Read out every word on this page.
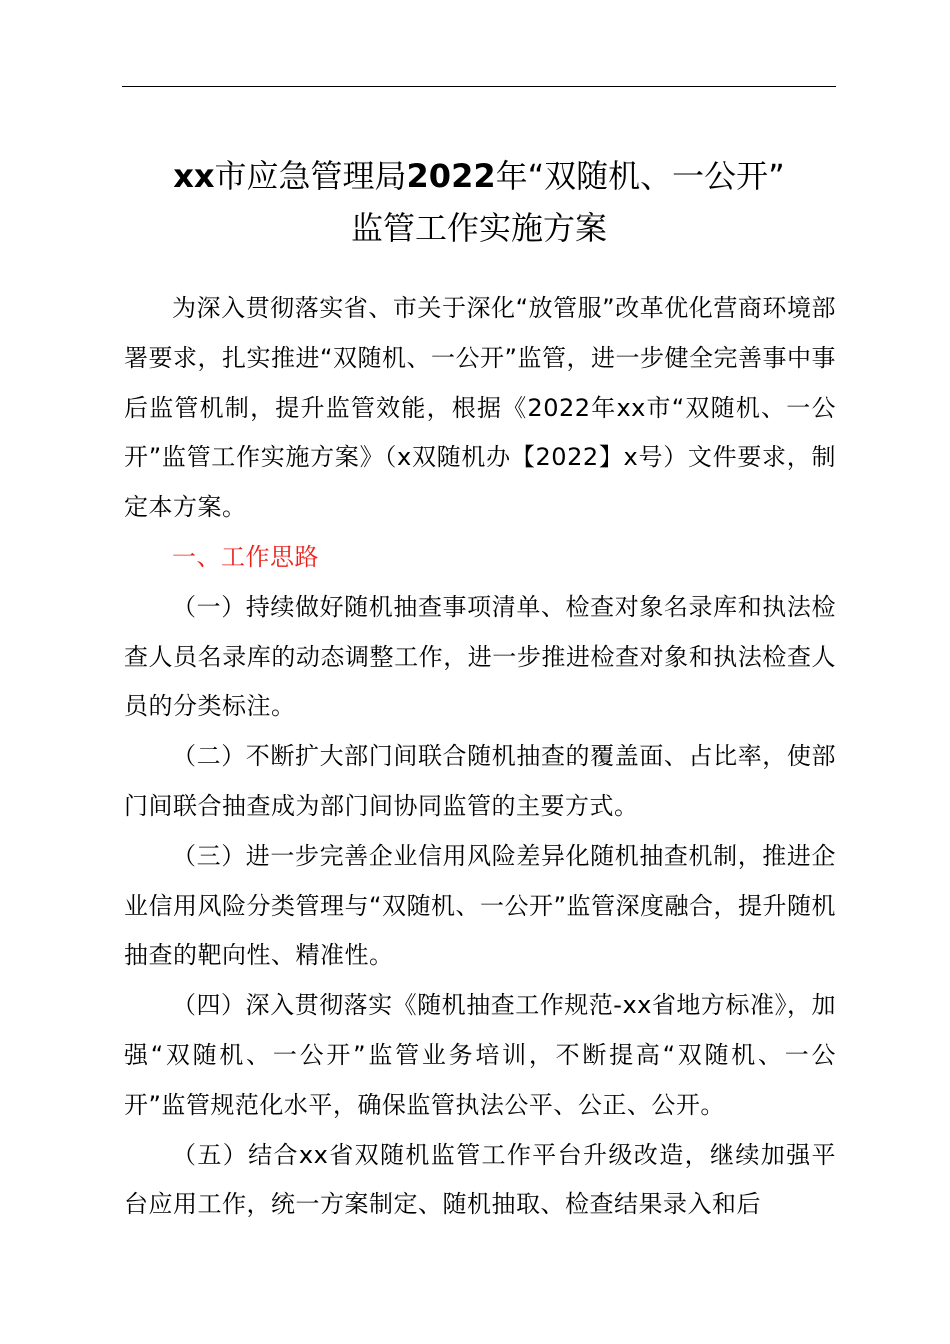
xx市应急管理局2022年“双随机、一公开”
监管工作实施方案

为深入贯彻落实省、市关于深化“放管服”改革优化营商环境部署要求，扎实推进“双随机、一公开”监管，进一步健全完善事中事后监管机制，提升监管效能，根据《2022年xx市“双随机、一公开”监管工作实施方案》（x双随机办【2022】x号）文件要求，制定本方案。

一、工作思路

（一）持续做好随机抽查事项清单、检查对象名录库和执法检查人员名录库的动态调整工作，进一步推进检查对象和执法检查人员的分类标注。

（二）不断扩大部门间联合随机抽查的覆盖面、占比率，使部门间联合抽查成为部门间协同监管的主要方式。

（三）进一步完善企业信用风险差异化随机抽查机制，推进企业信用风险分类管理与“双随机、一公开”监管深度融合，提升随机抽查的靶向性、精准性。

（四）深入贯彻落实《随机抽查工作规范-xx省地方标准》，加强“双随机、一公开”监管业务培训，不断提高“双随机、一公开”监管规范化水平，确保监管执法公平、公正、公开。

（五）结合xx省双随机监管工作平台升级改造，继续加强平台应用工作，统一方案制定、随机抽取、检查结果录入和后
